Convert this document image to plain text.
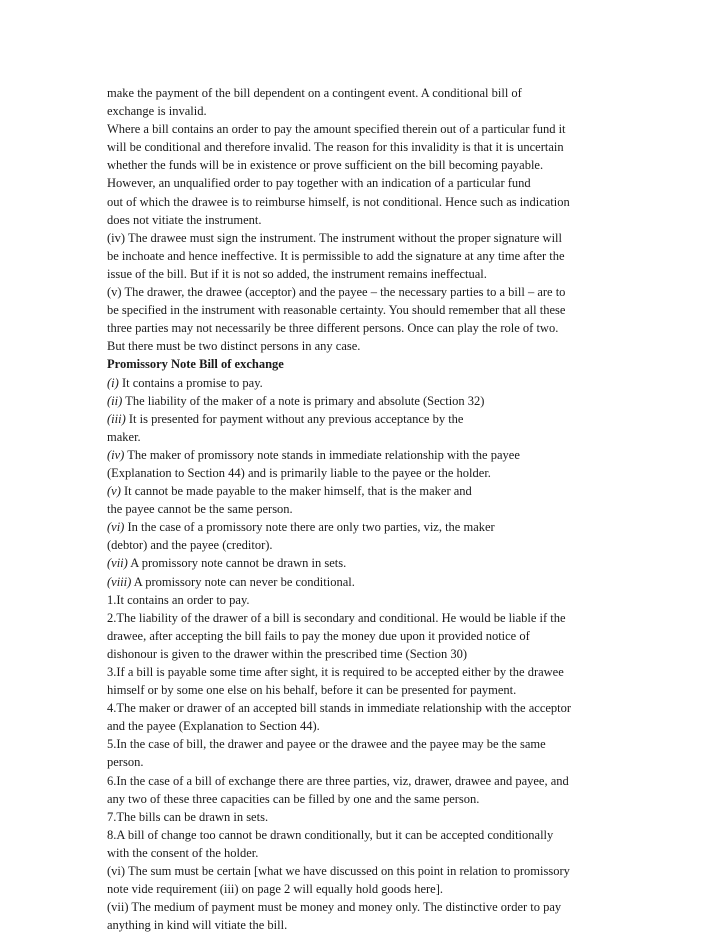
make the payment of the bill dependent on a contingent event. A conditional bill of
exchange is invalid.
Where a bill contains an order to pay the amount specified therein out of a particular fund it
will be conditional and therefore invalid. The reason for this invalidity is that it is uncertain
whether the funds will be in existence or prove sufficient on the bill becoming payable.
However, an unqualified order to pay together with an indication of a particular fund
out of which the drawee is to reimburse himself, is not conditional. Hence such as indication
does not vitiate the instrument.
(iv) The drawee must sign the instrument. The instrument without the proper signature will
be inchoate and hence ineffective. It is permissible to add the signature at any time after the
issue of the bill. But if it is not so added, the instrument remains ineffectual.
(v) The drawer, the drawee (acceptor) and the payee – the necessary parties to a bill – are to
be specified in the instrument with reasonable certainty. You should remember that all these
three parties may not necessarily be three different persons. Once can play the role of two.
But there must be two distinct persons in any case.
Promissory Note Bill of exchange
(i) It contains a promise to pay.
(ii) The liability of the maker of a note is primary and absolute (Section 32)
(iii) It is presented for payment without any previous acceptance by the
maker.
(iv) The maker of promissory note stands in immediate relationship with the payee
(Explanation to Section 44) and is primarily liable to the payee or the holder.
(v) It cannot be made payable to the maker himself, that is the maker and
the payee cannot be the same person.
(vi) In the case of a promissory note there are only two parties, viz, the maker
(debtor) and the payee (creditor).
(vii) A promissory note cannot be drawn in sets.
(viii) A promissory note can never be conditional.
1.It contains an order to pay.
2.The liability of the drawer of a bill is secondary and conditional. He would be liable if the
drawee, after accepting the bill fails to pay the money due upon it provided notice of
dishonour is given to the drawer within the prescribed time (Section 30)
3.If a bill is payable some time after sight, it is required to be accepted either by the drawee
himself or by some one else on his behalf, before it can be presented for payment.
4.The maker or drawer of an accepted bill stands in immediate relationship with the acceptor
and the payee (Explanation to Section 44).
5.In the case of bill, the drawer and payee or the drawee and the payee may be the same
person.
6.In the case of a bill of exchange there are three parties, viz, drawer, drawee and payee, and
any two of these three capacities can be filled by one and the same person.
7.The bills can be drawn in sets.
8.A bill of change too cannot be drawn conditionally, but it can be accepted conditionally
with the consent of the holder.
(vi) The sum must be certain [what we have discussed on this point in relation to promissory
note vide requirement (iii) on page 2 will equally hold goods here].
(vii) The medium of payment must be money and money only. The distinctive order to pay
anything in kind will vitiate the bill.
